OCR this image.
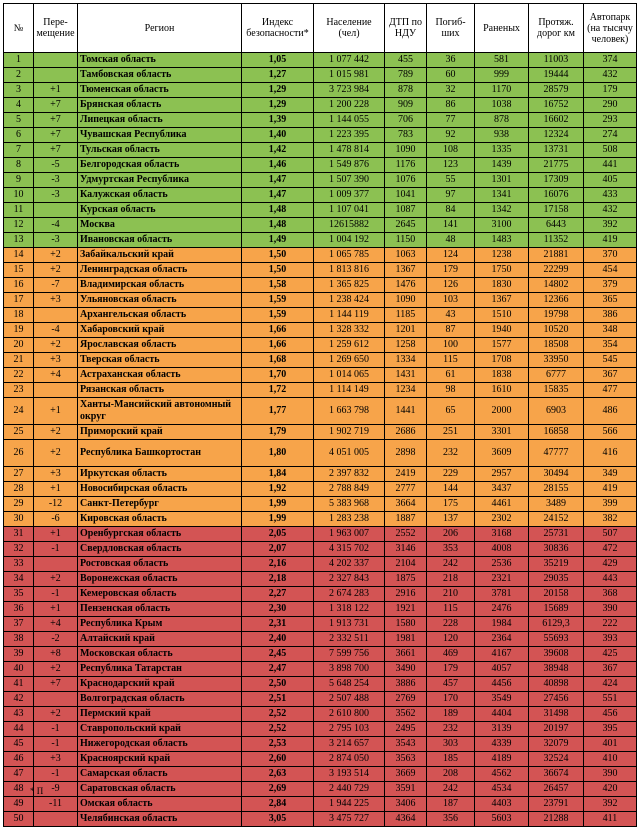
№	Пере-мещение	Регион	Индекс безопасности*	Население (чел)	ДТП по НДУ	Погиб-ших	Раненых	Протяж. дорог км	Автопарк (на тысячу человек)
1		Томская область	1,05	1 077 442	455	36	581	11003	374
2		Тамбовская область	1,27	1 015 981	789	60	999	19444	432
3	+1	Тюменская область	1,29	3 723 984	878	32	1170	28579	179
4	+7	Брянская область	1,29	1 200 228	909	86	1038	16752	290
5	+7	Липецкая область	1,39	1 144 055	706	77	878	16602	293
6	+7	Чувашская Республика	1,40	1 223 395	783	92	938	12324	274
7	+7	Тульская область	1,42	1 478 814	1090	108	1335	13731	508
8	-5	Белгородская область	1,46	1 549 876	1176	123	1439	21775	441
9	-3	Удмуртская Республика	1,47	1 507 390	1076	55	1301	17309	405
10	-3	Калужская область	1,47	1 009 377	1041	97	1341	16076	433
11		Курская область	1,48	1 107 041	1087	84	1342	17158	432
12	-4	Москва	1,48	12615882	2645	141	3100	6443	392
13	-3	Ивановская область	1,49	1 004 192	1150	48	1483	11352	419
14	+2	Забайкальский край	1,50	1 065 785	1063	124	1238	21881	370
15	+2	Ленинградская область	1,50	1 813 816	1367	179	1750	22299	454
16	-7	Владимирская область	1,58	1 365 825	1476	126	1830	14802	379
17	+3	Ульяновская область	1,59	1 238 424	1090	103	1367	12366	365
18		Архангельская область	1,59	1 144 119	1185	43	1510	19798	386
19	-4	Хабаровский край	1,66	1 328 332	1201	87	1940	10520	348
20	+2	Ярославская область	1,66	1 259 612	1258	100	1577	18508	354
21	+3	Тверская область	1,68	1 269 650	1334	115	1708	33950	545
22	+4	Астраханская область	1,70	1 014 065	1431	61	1838	6777	367
23		Рязанская область	1,72	1 114 149	1234	98	1610	15835	477
24	+1	Ханты-Мансийский автономный округ	1,77	1 663 798	1441	65	2000	6903	486
25	+2	Приморский край	1,79	1 902 719	2686	251	3301	16858	566
26	+2	Республика Башкортостан	1,80	4 051 005	2898	232	3609	47777	416
27	+3	Иркутская область	1,84	2 397 832	2419	229	2957	30494	349
28	+1	Новосибирская область	1,92	2 788 849	2777	144	3437	28155	419
29	-12	Санкт-Петербург	1,99	5 383 968	3664	175	4461	3489	399
30	-6	Кировская область	1,99	1 283 238	1887	137	2302	24152	382
31	+1	Оренбургская область	2,05	1 963 007	2552	206	3168	25731	507
32	-1	Свердловская область	2,07	4 315 702	3146	353	4008	30836	472
33		Ростовская область	2,16	4 202 337	2104	242	2536	35219	429
34	+2	Воронежская область	2,18	2 327 843	1875	218	2321	29035	443
35	-1	Кемеровская область	2,27	2 674 283	2916	210	3781	20158	368
36	+1	Пензенская область	2,30	1 318 122	1921	115	2476	15689	390
37	+4	Республика Крым	2,31	1 913 731	1580	228	1984	6129,3	222
38	-2	Алтайский край	2,40	2 332 511	1981	120	2364	55693	393
39	+8	Московская область	2,45	7 599 756	3661	469	4167	39608	425
40	+2	Республика Татарстан	2,47	3 898 700	3490	179	4057	38948	367
41	+7	Краснодарский край	2,50	5 648 254	3886	457	4456	40898	424
42		Волгоградская область	2,51	2 507 488	2769	170	3549	27456	551
43	+2	Пермский край	2,52	2 610 800	3562	189	4404	31498	456
44	-1	Ставропольский край	2,52	2 795 103	2495	232	3139	20197	395
45	-1	Нижегородская область	2,53	3 214 657	3543	303	4339	32079	401
46	+3	Красноярский край	2,60	2 874 050	3563	185	4189	32524	410
47	-1	Самарская область	2,63	3 193 514	3669	208	4562	36674	390
48	-9	Саратовская область	2,69	2 440 729	3591	242	4534	26457	420
49	-11	Омская область	2,84	1 944 225	3406	187	4403	23791	392
50		Челябинская область	3,05	3 475 727	4364	356	5603	21288	411
* П
